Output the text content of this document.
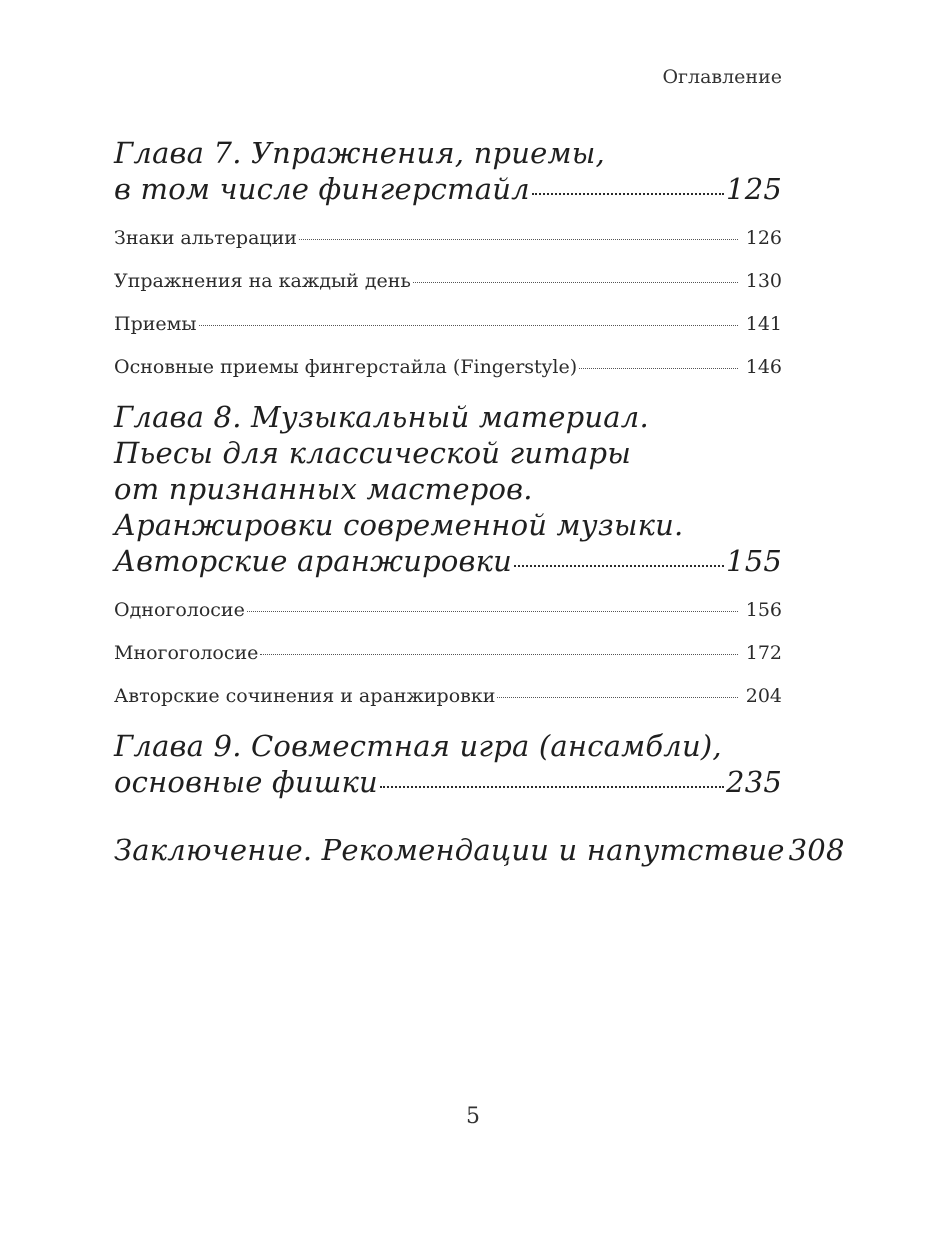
Оглавление
Глава 7. Упражнения, приемы,
в том числе фингерстайл	125
Знаки альтерации	126
Упражнения на каждый день	130
Приемы	141
Основные приемы фингерстайла (Fingerstyle)	146
Глава 8. Музыкальный материал.
Пьесы для классической гитары
от признанных мастеров.
Аранжировки современной музыки.
Авторские аранжировки	155
Одноголосие	156
Многоголосие	172
Авторские сочинения и аранжировки	204
Глава 9. Совместная игра (ансамбли),
основные фишки	235
Заключение. Рекомендации и напутствие 308
5
